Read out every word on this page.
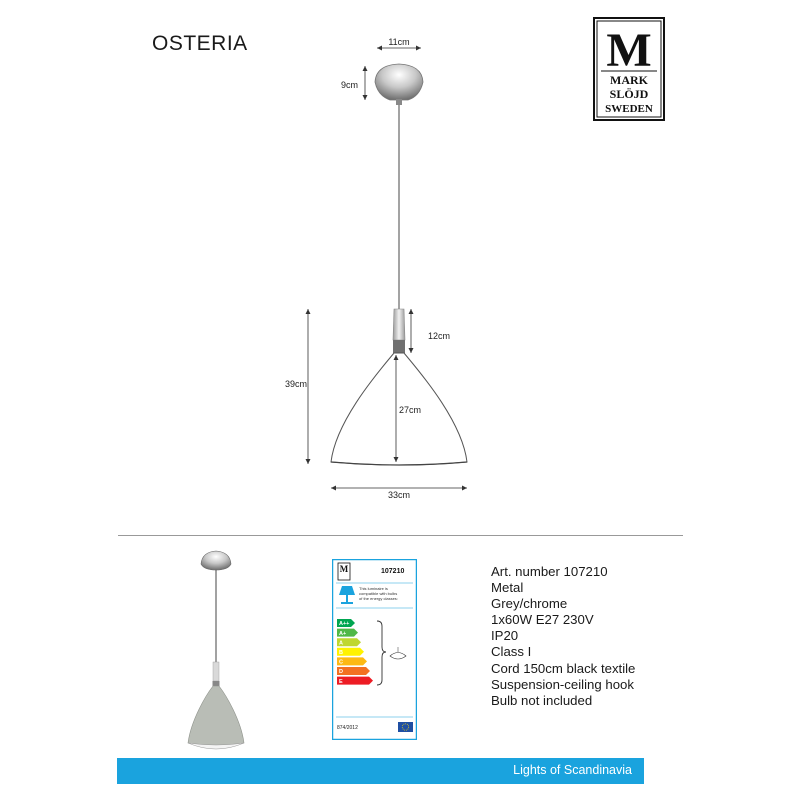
OSTERIA	M
MARK
SLÖJD
SWEDEN
11cm
9cm
12cm
39cm
27cm
33cm
M	107210
This luminaire is
compatible with bulbs
of the energy classes:
A++
A+
A
B
C
D
E
874/2012
Art. number 107210
Metal
Grey/chrome
1x60W E27 230V
IP20
Class I
Cord 150cm black textile
Suspension-ceiling hook
Bulb not included
Lights of Scandinavia
